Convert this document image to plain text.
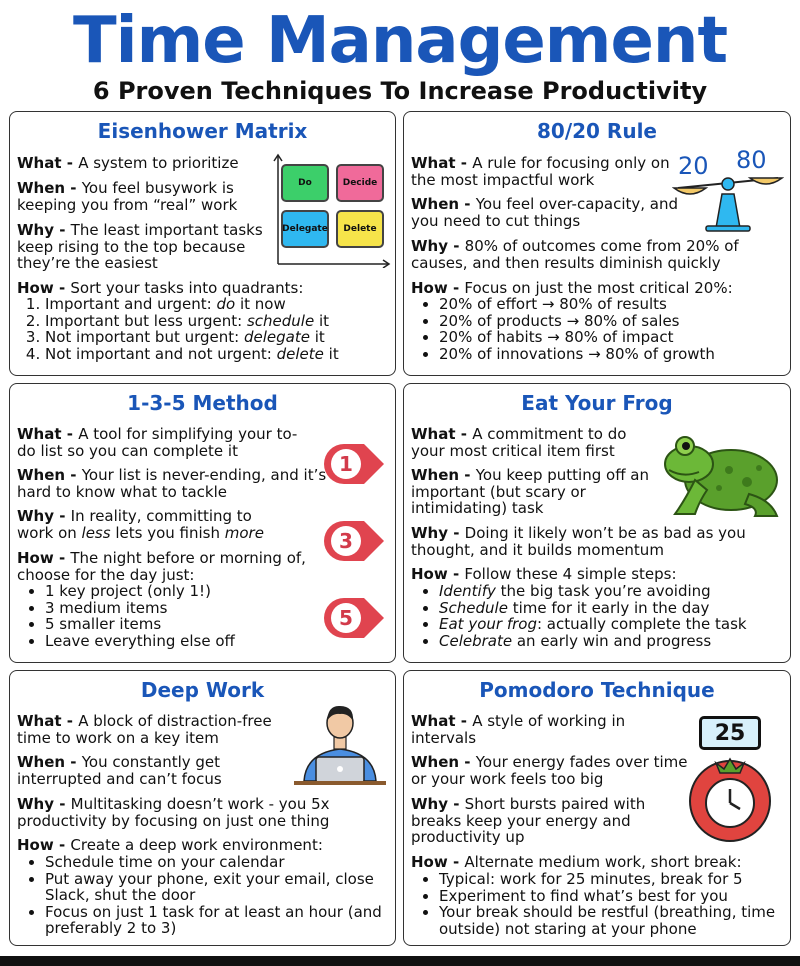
Time Management
6 Proven Techniques To Increase Productivity
Eisenhower Matrix

What - A system to prioritize

When - You feel busywork is keeping you from “real” work

Why - The least important tasks keep rising to the top because they’re the easiest

How - Sort your tasks into quadrants:

1. Important and urgent: do it now
2. Important but less urgent: schedule it
3. Not important but urgent: delegate it
4. Not important and not urgent: delete it
Do	Decide
Delegate	Delete
80/20 Rule

What - A rule for focusing only on the most impactful work

When - You feel over-capacity, and you need to cut things

Why - 80% of outcomes come from 20% of causes, and then results diminish quickly

How - Focus on just the most critical 20%:

• 20% of effort → 80% of results
• 20% of products → 80% of sales
• 20% of habits → 80% of impact
• 20% of innovations → 80% of growth
20 80
1-3-5 Method

What - A tool for simplifying your to-do list so you can complete it

When - Your list is never-ending, and it’s hard to know what to tackle

Why - In reality, committing to work on less lets you finish more

How - The night before or morning of, choose for the day just:

• 1 key project (only 1!)
• 3 medium items
• 5 smaller items
• Leave everything else off
1
3
5
Eat Your Frog

What - A commitment to do your most critical item first

When - You keep putting off an important (but scary or intimidating) task

Why - Doing it likely won’t be as bad as you thought, and it builds momentum

How - Follow these 4 simple steps:

• Identify the big task you’re avoiding
• Schedule time for it early in the day
• Eat your frog: actually complete the task
• Celebrate an early win and progress
Deep Work

What - A block of distraction-free time to work on a key item

When - You constantly get interrupted and can’t focus

Why - Multitasking doesn’t work - you 5x productivity by focusing on just one thing

How - Create a deep work environment:

• Schedule time on your calendar
• Put away your phone, exit your email, close Slack, shut the door
• Focus on just 1 task for at least an hour (and preferably 2 to 3)
Pomodoro Technique

What - A style of working in intervals

When - Your energy fades over time or your work feels too big

Why - Short bursts paired with breaks keep your energy and productivity up

How - Alternate medium work, short break:

• Typical: work for 25 minutes, break for 5
• Experiment to find what’s best for you
• Your break should be restful (breathing, time outside) not staring at your phone
25
